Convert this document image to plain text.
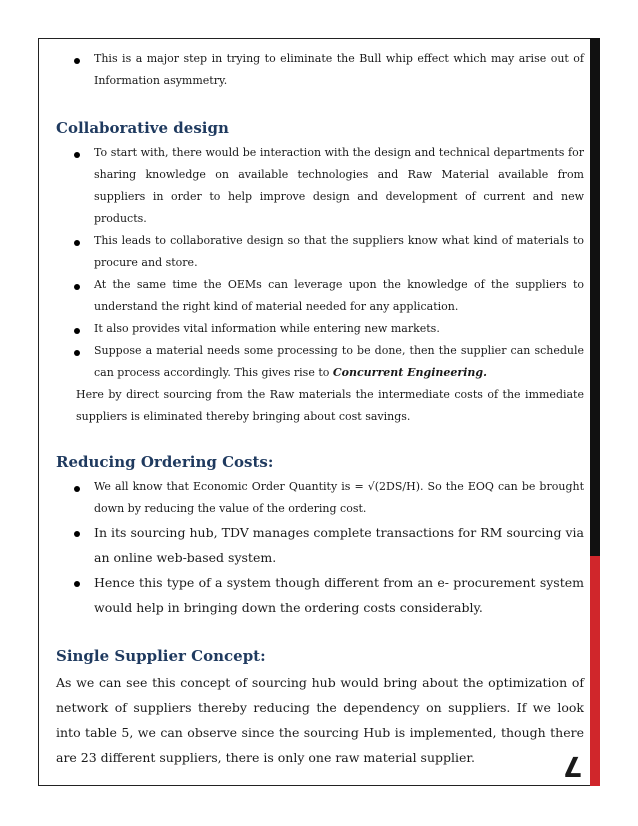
7
This is a major step in trying to eliminate the Bull whip effect which may arise out of Information asymmetry.
Collaborative design
To start with, there would be interaction with the design and technical departments for sharing knowledge on available technologies and Raw Material available from suppliers in order to help improve design and development of current and new products.
This leads to collaborative design so that the suppliers know what kind of materials to procure and store.
At the same time the OEMs can leverage upon the knowledge of the suppliers to understand the right kind of material needed for any application.
It also provides vital information while entering new markets.
Suppose a material needs some processing to be done, then the supplier can schedule can process accordingly. This gives rise to Concurrent Engineering.

Here by direct sourcing from the Raw materials the intermediate costs of the immediate suppliers is eliminated thereby bringing about cost savings.

Reducing Ordering Costs:
We all know that Economic Order Quantity is = √(2DS/H). So the EOQ can be brought down by reducing the value of the ordering cost.
In its sourcing hub, TDV manages complete transactions for RM sourcing via an online web-based system.
Hence this type of a system though different from an e- procurement system would help in bringing down the ordering costs considerably.
Single Supplier Concept:

As we can see this concept of sourcing hub would bring about the optimization of network of suppliers thereby reducing the dependency on suppliers. If we look into table 5, we can observe since the sourcing Hub is implemented, though there are 23 different suppliers, there is only one raw material supplier.
